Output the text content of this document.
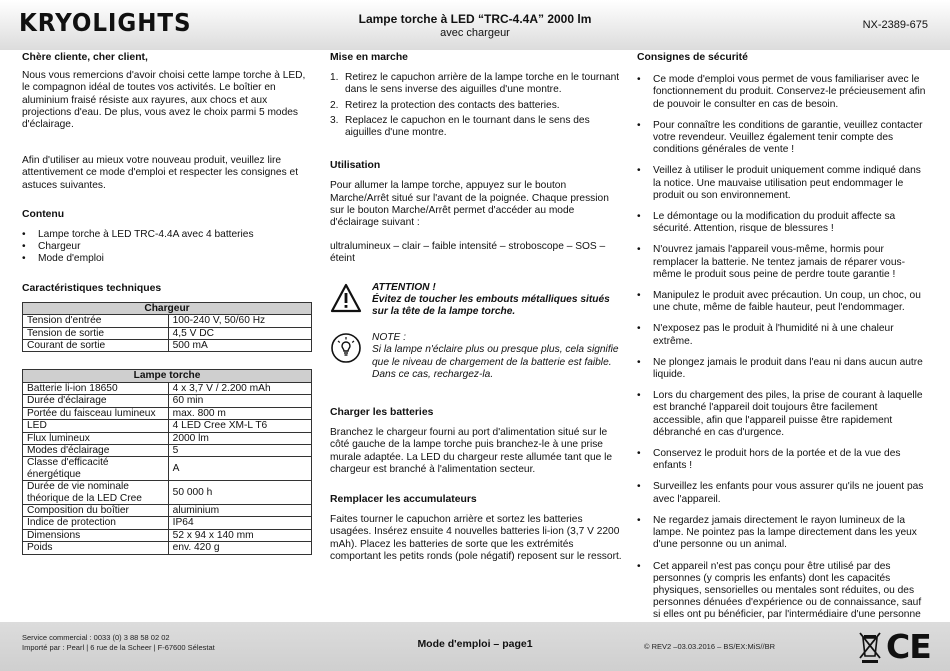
KRYOLIGHTS	Lampe torche à LED “TRC-4.4A” 2000 lm
avec chargeur
NX-2389-675
Chère cliente, cher client,

Nous vous remercions d'avoir choisi cette lampe torche à LED, le compagnon idéal de toutes vos activités. Le boîtier en aluminium fraisé résiste aux rayures, aux chocs et aux projections d'eau. De plus, vous avez le choix parmi 5 modes d'éclairage.

Afin d'utiliser au mieux votre nouveau produit, veuillez lire attentivement ce mode d'emploi et respecter les consignes et astuces suivantes.

Contenu
• Lampe torche à LED TRC-4.4A avec 4 batteries
• Chargeur
• Mode d'emploi
Caractéristiques techniques
Chargeur	
Tension d'entrée	100-240 V, 50/60 Hz
Tension de sortie	4,5 V DC
Courant de sortie	500 mA
Lampe torche	
Batterie li-ion 18650	4 x 3,7 V / 2.200 mAh
Durée d'éclairage	60 min
Portée du faisceau lumineux	max. 800 m
LED	4 LED Cree XM-L T6
Flux lumineux	2000 lm
Modes d'éclairage	5
Classe d'efficacité énergétique	A
Durée de vie nominale théorique de la LED Cree	50 000 h
Composition du boîtier	aluminium
Indice de protection	IP64
Dimensions	52 x 94 x 140 mm
Poids	env. 420 g
Mise en marche
1. Retirez le capuchon arrière de la lampe torche en le tournant dans le sens inverse des aiguilles d'une montre.
2. Retirez la protection des contacts des batteries.
3. Replacez le capuchon en le tournant dans le sens des aiguilles d'une montre.
Utilisation

Pour allumer la lampe torche, appuyez sur le bouton Marche/Arrêt situé sur l'avant de la poignée. Chaque pression sur le bouton Marche/Arrêt permet d'accéder au mode d'éclairage suivant :

ultralumineux – clair – faible intensité – stroboscope – SOS – éteint

ATTENTION !
Évitez de toucher les embouts métalliques situés sur la tête de la lampe torche.
NOTE :
Si la lampe n'éclaire plus ou presque plus, cela signifie que le niveau de chargement de la batterie est faible. Dans ce cas, rechargez-la.
Charger les batteries

Branchez le chargeur fourni au port d'alimentation situé sur le côté gauche de la lampe torche puis branchez-le à une prise murale adaptée. La LED du chargeur reste allumée tant que le chargeur est branché à l'alimentation secteur.

Remplacer les accumulateurs

Faites tourner le capuchon arrière et sortez les batteries usagées. Insérez ensuite 4 nouvelles batteries li-ion (3,7 V 2200 mAh). Placez les batteries de sorte que les extrémités comportant les petits ronds (pole négatif) reposent sur le ressort.

Consignes de sécurité
• Ce mode d'emploi vous permet de vous familiariser avec le fonctionnement du produit. Conservez-le précieusement afin de pouvoir le consulter en cas de besoin.
• Pour connaître les conditions de garantie, veuillez contacter votre revendeur. Veuillez également tenir compte des conditions générales de vente !
• Veillez à utiliser le produit uniquement comme indiqué dans la notice. Une mauvaise utilisation peut endommager le produit ou son environnement.
• Le démontage ou la modification du produit affecte sa sécurité. Attention, risque de blessures !
• N'ouvrez jamais l'appareil vous-même, hormis pour remplacer la batterie. Ne tentez jamais de réparer vous-même le produit sous peine de perdre toute garantie !
• Manipulez le produit avec précaution. Un coup, un choc, ou une chute, même de faible hauteur, peut l'endommager.
• N'exposez pas le produit à l'humidité ni à une chaleur extrême.
• Ne plongez jamais le produit dans l'eau ni dans aucun autre liquide.
• Lors du chargement des piles, la prise de courant à laquelle est branché l'appareil doit toujours être facilement accessible, afin que l'appareil puisse être rapidement débranché en cas d'urgence.
• Conservez le produit hors de la portée et de la vue des enfants !
• Surveillez les enfants pour vous assurer qu'ils ne jouent pas avec l'appareil.
• Ne regardez jamais directement le rayon lumineux de la lampe. Ne pointez pas la lampe directement dans les yeux d'une personne ou un animal.
• Cet appareil n'est pas conçu pour être utilisé par des personnes (y compris les enfants) dont les capacités physiques, sensorielles ou mentales sont réduites, ou des personnes dénuées d'expérience ou de connaissance, sauf si elles ont pu bénéficier, par l'intermédiaire d'une personne
Service commercial : 0033 (0) 3 88 58 02 02
Importé par : Pearl | 6 rue de la Scheer | F-67600 Sélestat	Mode d'emploi – page1	© REV2 –03.03.2016 – BS/EX:MiS//BR	CE
